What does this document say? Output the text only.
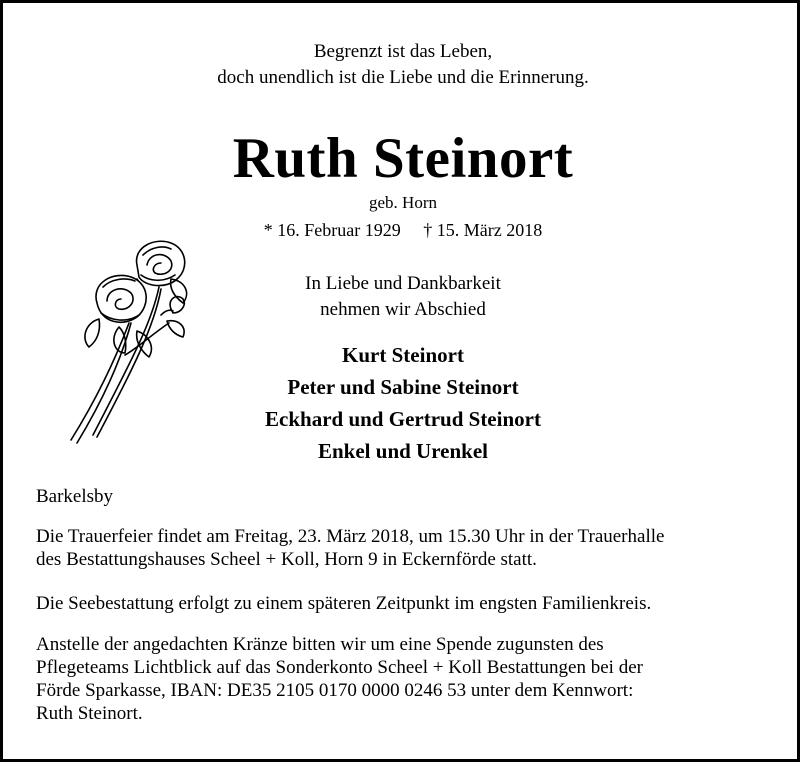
Begrenzt ist das Leben,
doch unendlich ist die Liebe und die Erinnerung.
Ruth Steinort
geb. Horn
* 16. Februar 1929 † 15. März 2018
In Liebe und Dankbarkeit
nehmen wir Abschied
Kurt Steinort
Peter und Sabine Steinort
Eckhard und Gertrud Steinort
Enkel und Urenkel
Barkelsby
Die Trauerfeier findet am Freitag, 23. März 2018, um 15.30 Uhr in der Trauerhalle
des Bestattungshauses Scheel + Koll, Horn 9 in Eckernförde statt.
Die Seebestattung erfolgt zu einem späteren Zeitpunkt im engsten Familienkreis.
Anstelle der angedachten Kränze bitten wir um eine Spende zugunsten des
Pflegeteams Lichtblick auf das Sonderkonto Scheel + Koll Bestattungen bei der
Förde Sparkasse, IBAN: DE35 2105 0170 0000 0246 53 unter dem Kennwort:
Ruth Steinort.
